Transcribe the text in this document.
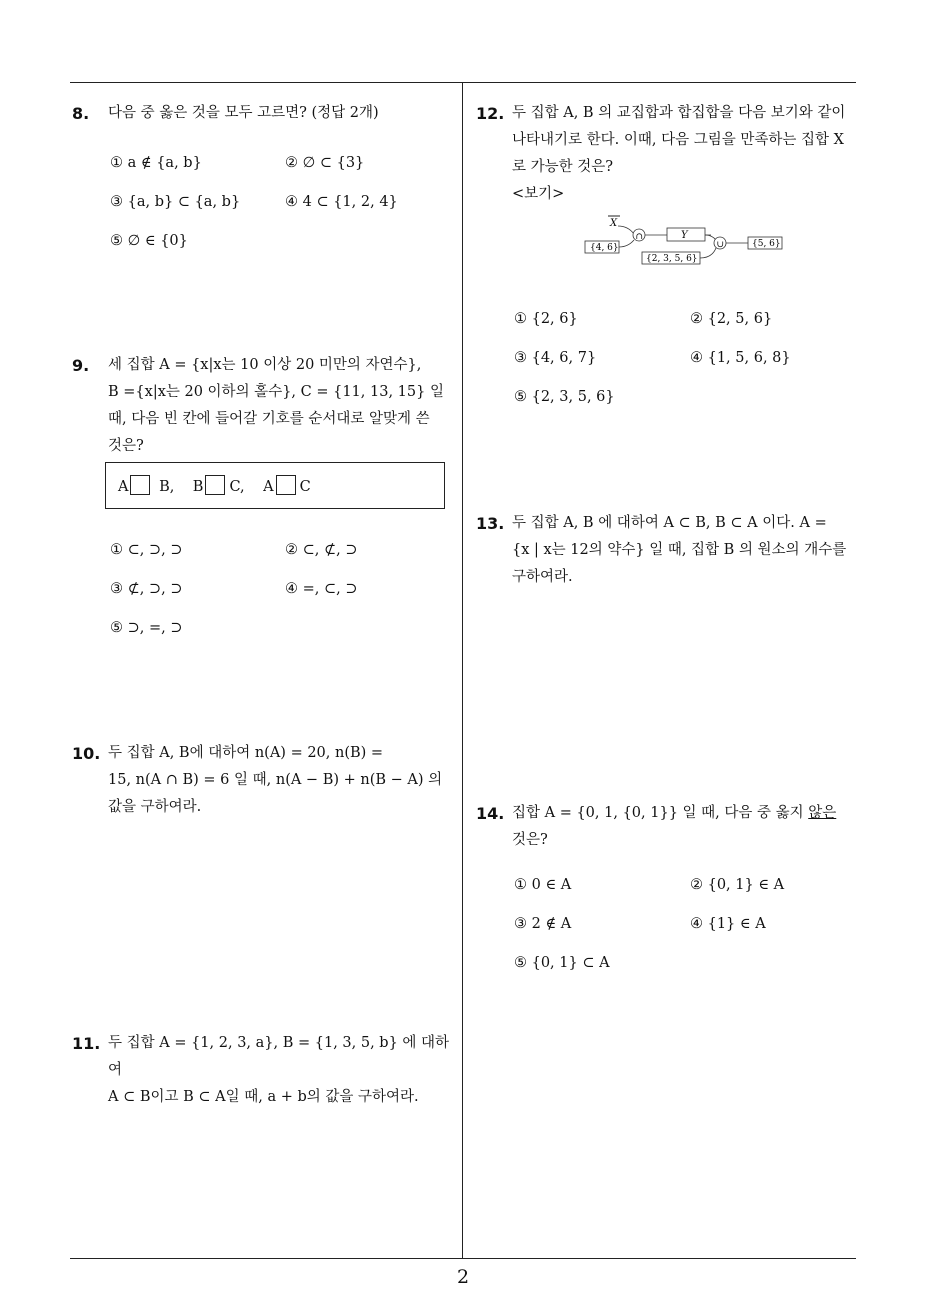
8. 다음 중 옳은 것을 모두 고르면? (정답 2개)

① a ∉ {a, b}	② ∅ ⊂ {3}
③ {a, b} ⊂ {a, b}	④ 4 ⊂ {1, 2, 4}
⑤ ∅ ∈ {0}
9. 세 집합 A = {x|x는 10 이상 20 미만의 자연수},

B ={x|x는 20 이하의 홀수}, C = {11, 13, 15} 일

때, 다음 빈 칸에 들어갈 기호를 순서대로 알맞게 쓴

것은?

A B, B C, A C
① ⊂, ⊃, ⊃	② ⊂, ⊄, ⊃
③ ⊄, ⊃, ⊃	④ =, ⊂, ⊃
⑤ ⊃, =, ⊃
10. 두 집합 A, B에 대하여 n(A) = 20, n(B) =

15, n(A ∩ B) = 6 일 때, n(A − B) + n(B − A) 의

값을 구하여라.

11. 두 집합 A = {1, 2, 3, a}, B = {1, 3, 5, b} 에 대하여

A ⊂ B이고 B ⊂ A일 때, a + b의 값을 구하여라.

12. 두 집합 A, B 의 교집합과 합집합을 다음 보기와 같이

나타내기로 한다. 이때, 다음 그림을 만족하는 집합 X

로 가능한 것은?

<보기>

X
{4, 6}
∩	Y
{2, 3, 5, 6}
∪	{5, 6}
① {2, 6}	② {2, 5, 6}
③ {4, 6, 7}	④ {1, 5, 6, 8}
⑤ {2, 3, 5, 6}
13. 두 집합 A, B 에 대하여 A ⊂ B, B ⊂ A 이다. A =

{x | x는 12의 약수} 일 때, 집합 B 의 원소의 개수를

구하여라.

14. 집합 A = {0, 1, {0, 1}} 일 때, 다음 중 옳지 않은

것은?

① 0 ∈ A	② {0, 1} ∈ A
③ 2 ∉ A	④ {1} ∈ A
⑤ {0, 1} ⊂ A
2
